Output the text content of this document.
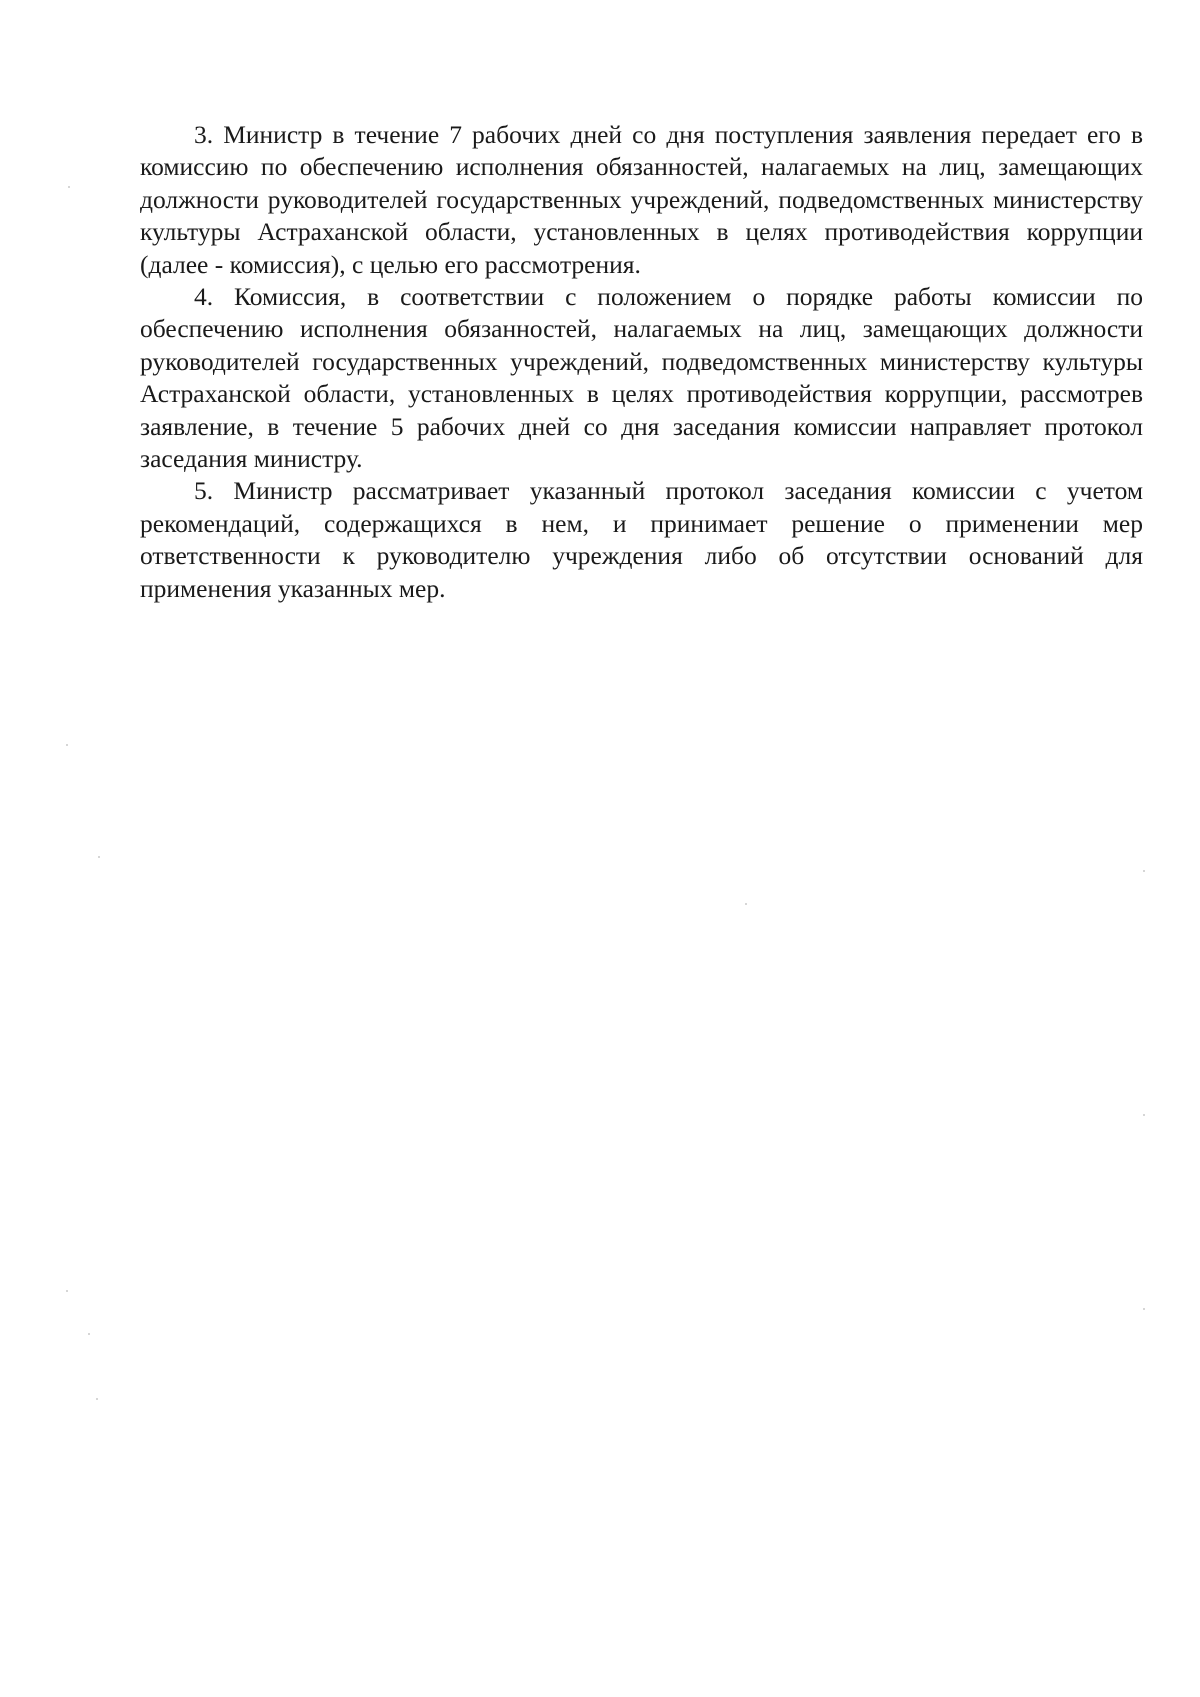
3. Министр в течение 7 рабочих дней со дня поступления заявления передает его в комиссию по обеспечению исполнения обязанностей, налагаемых на лиц, замещающих должности руководителей государственных учреждений, подведомственных министерству культуры Астраханской области, установленных в целях противодействия коррупции (далее - комиссия), с целью его рассмотрения.

4. Комиссия, в соответствии с положением о порядке работы комиссии по обеспечению исполнения обязанностей, налагаемых на лиц, замещающих должности руководителей государственных учреждений, подведомственных министерству культуры Астраханской области, установленных в целях противодействия коррупции, рассмотрев заявление, в течение 5 рабочих дней со дня заседания комиссии направляет протокол заседания министру.

5. Министр рассматривает указанный протокол заседания комиссии с учетом рекомендаций, содержащихся в нем, и принимает решение о применении мер ответственности к руководителю учреждения либо об отсутствии оснований для применения указанных мер.
